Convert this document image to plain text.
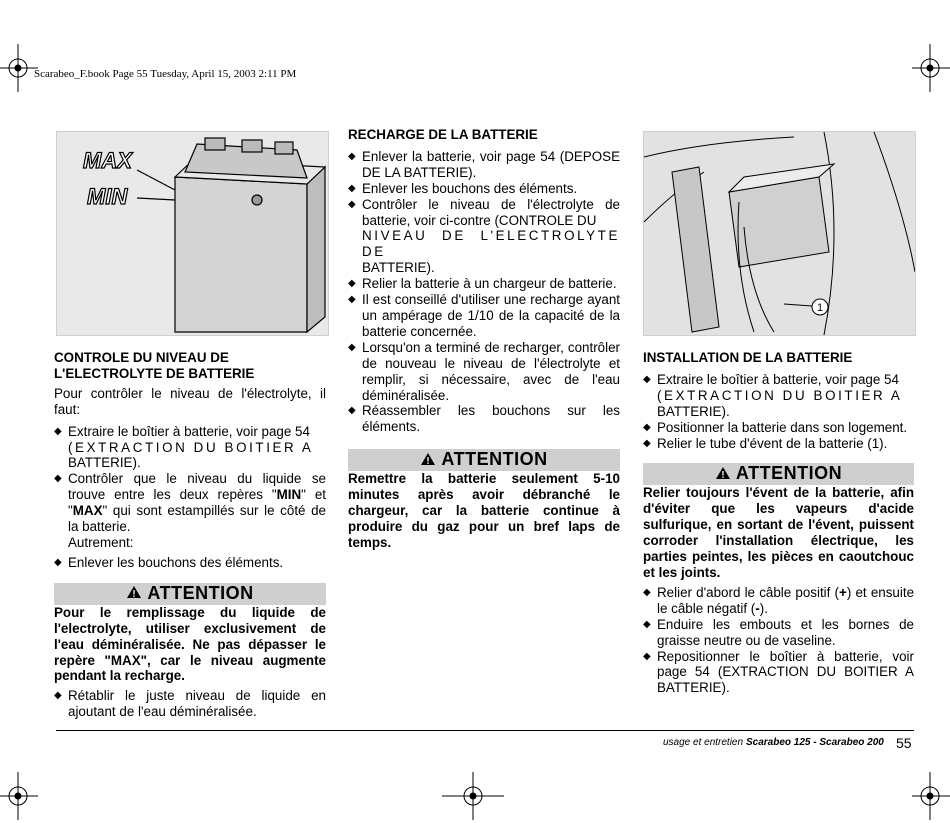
Scarabeo_F.book Page 55 Tuesday, April 15, 2003 2:11 PM
MAX
MIN
1

CONTROLE DU NIVEAU DE L'ELECTROLYTE DE BATTERIE

Pour contrôler le niveau de l'électrolyte, il faut:

◆ Extraire le boîtier à batterie, voir page 54
(EXTRACTION DU BOITIER A
BATTERIE).
◆ Contrôler que le niveau du liquide se trouve entre les deux repères "MIN" et "MAX" qui sont estampillés sur le côté de la batterie.
Autrement:
◆ Enlever les bouchons des éléments.
ATTENTION

Pour le remplissage du liquide de l'electrolyte, utiliser exclusivement de l'eau déminéralisée. Ne pas dépasser le repère "MAX", car le niveau augmente pendant la recharge.

◆ Rétablir le juste niveau de liquide en ajoutant de l'eau déminéralisée.

RECHARGE DE LA BATTERIE

◆ Enlever la batterie, voir page 54 (DEPOSE DE LA BATTERIE).
◆ Enlever les bouchons des éléments.
◆ Contrôler le niveau de l'électrolyte de batterie, voir ci-contre (CONTROLE DU
NIVEAU DE L'ELECTROLYTE DE
BATTERIE).
◆ Relier la batterie à un chargeur de batterie.
◆ Il est conseillé d'utiliser une recharge ayant un ampérage de 1/10 de la capacité de la batterie concernée.
◆ Lorsqu'on a terminé de recharger, contrôler de nouveau le niveau de l'électrolyte et remplir, si nécessaire, avec de l'eau déminéralisée.
◆ Réassembler les bouchons sur les éléments.
ATTENTION

Remettre la batterie seulement 5-10 minutes après avoir débranché le chargeur, car la batterie continue à produire du gaz pour un bref laps de temps.

INSTALLATION DE LA BATTERIE

◆ Extraire le boîtier à batterie, voir page 54
(EXTRACTION DU BOITIER A
BATTERIE).
◆ Positionner la batterie dans son logement.
◆ Relier le tube d'évent de la batterie (1).
ATTENTION

Relier toujours l'évent de la batterie, afin d'éviter que les vapeurs d'acide sulfurique, en sortant de l'évent, puissent corroder l'installation électrique, les parties peintes, les pièces en caoutchouc et les joints.

◆ Relier d'abord le câble positif (+) et ensuite le câble négatif (-).
◆ Enduire les embouts et les bornes de graisse neutre ou de vaseline.
◆ Repositionner le boîtier à batterie, voir page 54 (EXTRACTION DU BOITIER A BATTERIE).
usage et entretien Scarabeo 125 - Scarabeo 200 55
